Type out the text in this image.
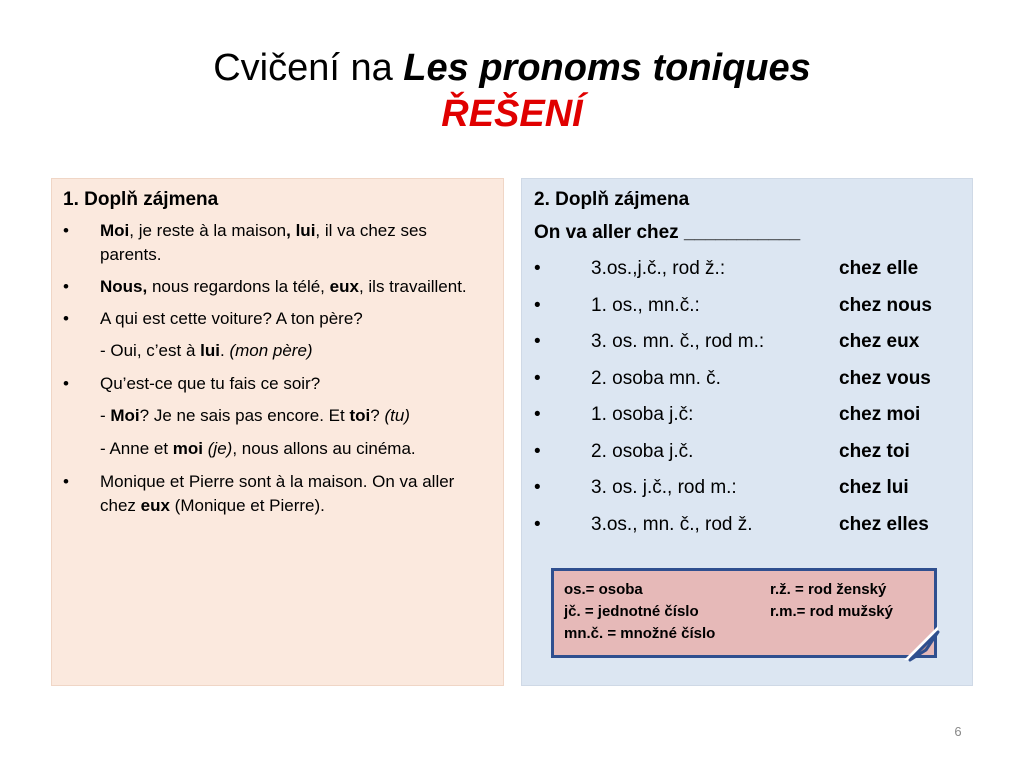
Cvičení na Les pronoms toniques
ŘEŠENÍ
1. Doplň zájmena
• Moi, je reste à la maison, lui, il va chez ses parents.
• Nous, nous regardons la télé, eux, ils travaillent.
• A qui est cette voiture? A ton père?
- Oui, c’est à lui. (mon père)
• Qu’est-ce que tu fais ce soir?
- Moi? Je ne sais pas encore. Et toi? (tu)
- Anne et moi (je), nous allons au cinéma.
• Monique et Pierre sont à la maison. On va aller chez eux (Monique et Pierre).
2. Doplň zájmena
On va aller chez ___________
•	3.os.,j.č., rod ž.:	chez elle
•	1. os., mn.č.:	chez nous
•	3. os. mn. č., rod m.:	chez eux
•	2. osoba mn. č.	chez vous
•	1. osoba j.č:	chez moi
•	2. osoba j.č.	chez toi
•	3. os. j.č., rod m.:	chez lui
•	3.os., mn. č., rod ž.	chez elles
os.= osoba	r.ž. = rod ženský
jč. = jednotné číslo	r.m.= rod mužský
mn.č. = množné číslo
6
